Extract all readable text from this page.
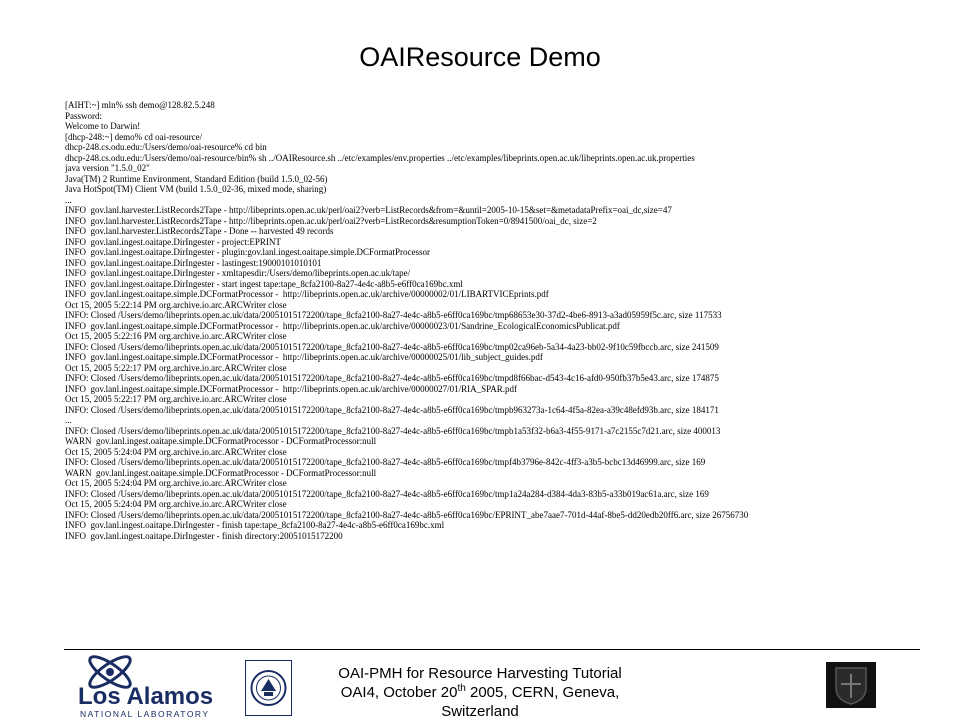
OAIResource Demo
[AIHT:~] mln% ssh demo@128.82.5.248
Password:
Welcome to Darwin!
[dhcp-248:~] demo% cd oai-resource/
dhcp-248.cs.odu.edu:/Users/demo/oai-resource% cd bin
dhcp-248.cs.odu.edu:/Users/demo/oai-resource/bin% sh ../OAIResource.sh ../etc/examples/env.properties ../etc/examples/libeprints.open.ac.uk/libeprints.open.ac.uk.properties
java version "1.5.0_02"
Java(TM) 2 Runtime Environment, Standard Edition (build 1.5.0_02-56)
Java HotSpot(TM) Client VM (build 1.5.0_02-36, mixed mode, sharing)
...
INFO  gov.lanl.harvester.ListRecords2Tape - http://libeprints.open.ac.uk/perl/oai2?verb=ListRecords&from=&until=2005-10-15&set=&metadataPrefix=oai_dc,size=47
INFO  gov.lanl.harvester.ListRecords2Tape - http://libeprints.open.ac.uk/perl/oai2?verb=ListRecords&resumptionToken=0/8941500/oai_dc, size=2
INFO  gov.lanl.harvester.ListRecords2Tape - Done -- harvested 49 records
INFO  gov.lanl.ingest.oaitape.DirIngester - project:EPRINT
INFO  gov.lanl.ingest.oaitape.DirIngester - plugin:gov.lanl.ingest.oaitape.simple.DCFormatProcessor
INFO  gov.lanl.ingest.oaitape.DirIngester - lastingest:19000101010101
INFO  gov.lanl.ingest.oaitape.DirIngester - xmltapesdir:/Users/demo/libeprints.open.ac.uk/tape/
INFO  gov.lanl.ingest.oaitape.DirIngester - start ingest tape:tape_8cfa2100-8a27-4e4c-a8b5-e6ff0ca169bc.xml
INFO  gov.lanl.ingest.oaitape.simple.DCFormatProcessor -  http://libeprints.open.ac.uk/archive/00000002/01/LIBARTVICEprints.pdf
Oct 15, 2005 5:22:14 PM org.archive.io.arc.ARCWriter close
INFO: Closed /Users/demo/libeprints.open.ac.uk/data/20051015172200/tape_8cfa2100-8a27-4e4c-a8b5-e6ff0ca169bc/tmp68653e30-37d2-4be6-8913-a3ad05959f5c.arc, size 117533
INFO  gov.lanl.ingest.oaitape.simple.DCFormatProcessor -  http://libeprints.open.ac.uk/archive/00000023/01/Sandrine_EcologicalEconomicsPublicat.pdf
Oct 15, 2005 5:22:16 PM org.archive.io.arc.ARCWriter close
INFO: Closed /Users/demo/libeprints.open.ac.uk/data/20051015172200/tape_8cfa2100-8a27-4e4c-a8b5-e6ff0ca169bc/tmp02ca96eb-5a34-4a23-bb02-9f10c59fbccb.arc, size 241509
INFO  gov.lanl.ingest.oaitape.simple.DCFormatProcessor -  http://libeprints.open.ac.uk/archive/00000025/01/lib_subject_guides.pdf
Oct 15, 2005 5:22:17 PM org.archive.io.arc.ARCWriter close
INFO: Closed /Users/demo/libeprints.open.ac.uk/data/20051015172200/tape_8cfa2100-8a27-4e4c-a8b5-e6ff0ca169bc/tmpd8f66bac-d543-4c16-afd0-950fb37b5e43.arc, size 174875
INFO  gov.lanl.ingest.oaitape.simple.DCFormatProcessor -  http://libeprints.open.ac.uk/archive/00000027/01/RIA_SPAR.pdf
Oct 15, 2005 5:22:17 PM org.archive.io.arc.ARCWriter close
INFO: Closed /Users/demo/libeprints.open.ac.uk/data/20051015172200/tape_8cfa2100-8a27-4e4c-a8b5-e6ff0ca169bc/tmpb963273a-1c64-4f5a-82ea-a39c48efd93b.arc, size 184171
...
INFO: Closed /Users/demo/libeprints.open.ac.uk/data/20051015172200/tape_8cfa2100-8a27-4e4c-a8b5-e6ff0ca169bc/tmpb1a53f32-b6a3-4f55-9171-a7c2155c7d21.arc, size 400013
WARN  gov.lanl.ingest.oaitape.simple.DCFormatProcessor - DCFormatProcessor:null
Oct 15, 2005 5:24:04 PM org.archive.io.arc.ARCWriter close
INFO: Closed /Users/demo/libeprints.open.ac.uk/data/20051015172200/tape_8cfa2100-8a27-4e4c-a8b5-e6ff0ca169bc/tmpf4b3796e-842c-4ff3-a3b5-bcbc13d46999.arc, size 169
WARN  gov.lanl.ingest.oaitape.simple.DCFormatProcessor - DCFormatProcessor:null
Oct 15, 2005 5:24:04 PM org.archive.io.arc.ARCWriter close
INFO: Closed /Users/demo/libeprints.open.ac.uk/data/20051015172200/tape_8cfa2100-8a27-4e4c-a8b5-e6ff0ca169bc/tmp1a24a284-d384-4da3-83b5-a33b019ac61a.arc, size 169
Oct 15, 2005 5:24:04 PM org.archive.io.arc.ARCWriter close
INFO: Closed /Users/demo/libeprints.open.ac.uk/data/20051015172200/tape_8cfa2100-8a27-4e4c-a8b5-e6ff0ca169bc/EPRINT_abe7aae7-701d-44af-8be5-dd20edb20ff6.arc, size 26756730
INFO  gov.lanl.ingest.oaitape.DirIngester - finish tape:tape_8cfa2100-8a27-4e4c-a8b5-e6ff0ca169bc.xml
INFO  gov.lanl.ingest.oaitape.DirIngester - finish directory:20051015172200
Los Alamos
NATIONAL LABORATORY
OAI-PMH for Resource Harvesting Tutorial
OAI4, October 20th 2005, CERN, Geneva, Switzerland
